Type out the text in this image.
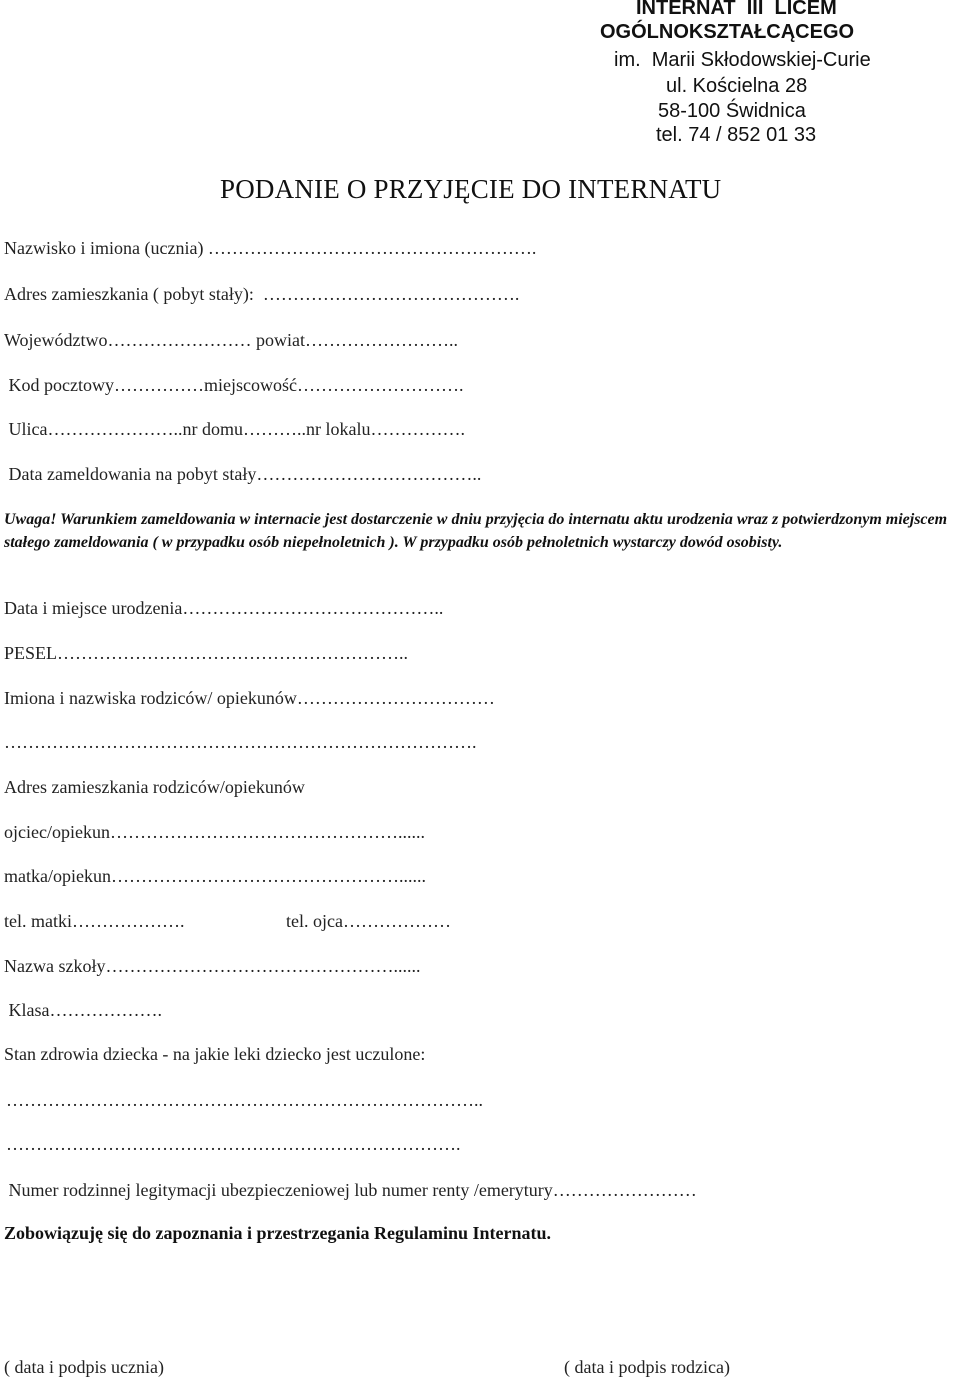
INTERNAT  III  LICEM
OGÓLNOKSZTAŁCĄCEGO
im.  Marii Skłodowskiej-Curie
ul. Kościelna 28
58-100 Świdnica
tel. 74 / 852 01 33
PODANIE O PRZYJĘCIE DO INTERNATU
Nazwisko i imiona (ucznia) ……………………………………………….
Adres zamieszkania ( pobyt stały):  …………………………………….
Województwo…………………… powiat……………………..
Kod pocztowy……………miejscowość……………………….
Ulica…………………..nr domu………..nr lokalu…………….
Data zameldowania na pobyt stały………………………………..
Uwaga! Warunkiem zameldowania w internacie jest dostarczenie w dniu przyjęcia do internatu aktu urodzenia wraz z potwierdzonym miejscem stałego zameldowania ( w przypadku osób niepełnoletnich ). W przypadku osób pełnoletnich wystarczy dowód osobisty.
Data i miejsce urodzenia……………………………………..
PESEL…………………………………………………..
Imiona i nazwiska rodziców/ opiekunów……………………………
…………………………………………………………………….
Adres zamieszkania rodziców/opiekunów
ojciec/opiekun…………………………………………......
matka/opiekun…………………………………………......
tel. matki……………….	tel. ojca………………
Nazwa szkoły…………………………………………......
Klasa……………….
Stan zdrowia dziecka - na jakie leki dziecko jest uczulone:
……………………………………………………………………..
………………………………………………………………….
Numer rodzinnej legitymacji ubezpieczeniowej lub numer renty /emerytury……………………
Zobowiązuję się do zapoznania i przestrzegania Regulaminu Internatu.
( data i podpis ucznia)	( data i podpis rodzica)
